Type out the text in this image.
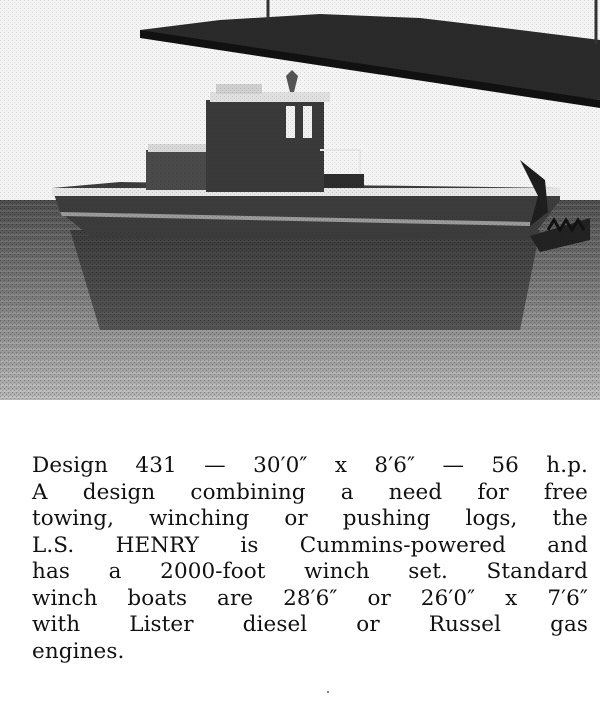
Design 431 — 30′0″ x 8′6″ — 56 h.p.
A design combining a need for free
towing, winching or pushing logs, the
L.S. HENRY is Cummins-powered and
has a 2000-foot winch set. Standard
winch boats are 28′6″ or 26′0″ x 7′6″
with Lister diesel or Russel gas
engines.
